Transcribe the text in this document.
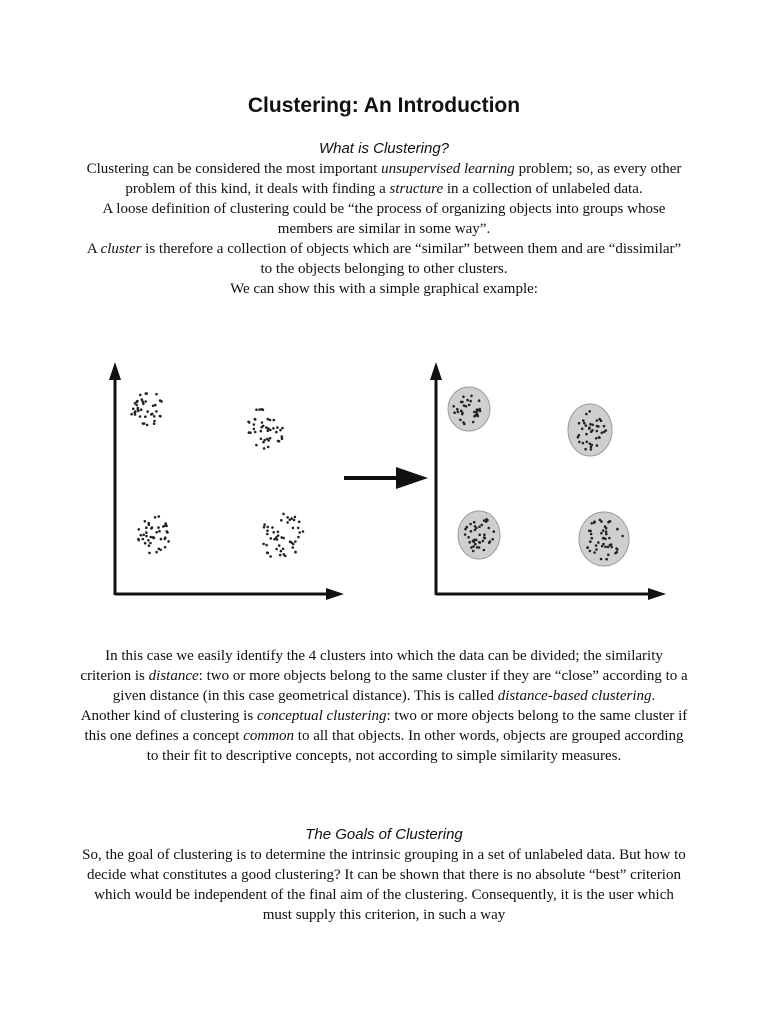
Clustering: An Introduction

What is Clustering?

Clustering can be considered the most important unsupervised learning problem; so, as every other problem of this kind, it deals with finding a structure in a collection of unlabeled data.

A loose definition of clustering could be “the process of organizing objects into groups whose members are similar in some way”.

A cluster is therefore a collection of objects which are “similar” between them and are “dissimilar” to the objects belonging to other clusters.

We can show this with a simple graphical example:

In this case we easily identify the 4 clusters into which the data can be divided; the similarity criterion is distance: two or more objects belong to the same cluster if they are “close” according to a given distance (in this case geometrical distance). This is called distance-based clustering.

Another kind of clustering is conceptual clustering: two or more objects belong to the same cluster if this one defines a concept common to all that objects. In other words, objects are grouped according to their fit to descriptive concepts, not according to simple similarity measures.

The Goals of Clustering

So, the goal of clustering is to determine the intrinsic grouping in a set of unlabeled data. But how to decide what constitutes a good clustering? It can be shown that there is no absolute “best” criterion which would be independent of the final aim of the clustering. Consequently, it is the user which must supply this criterion, in such a way
